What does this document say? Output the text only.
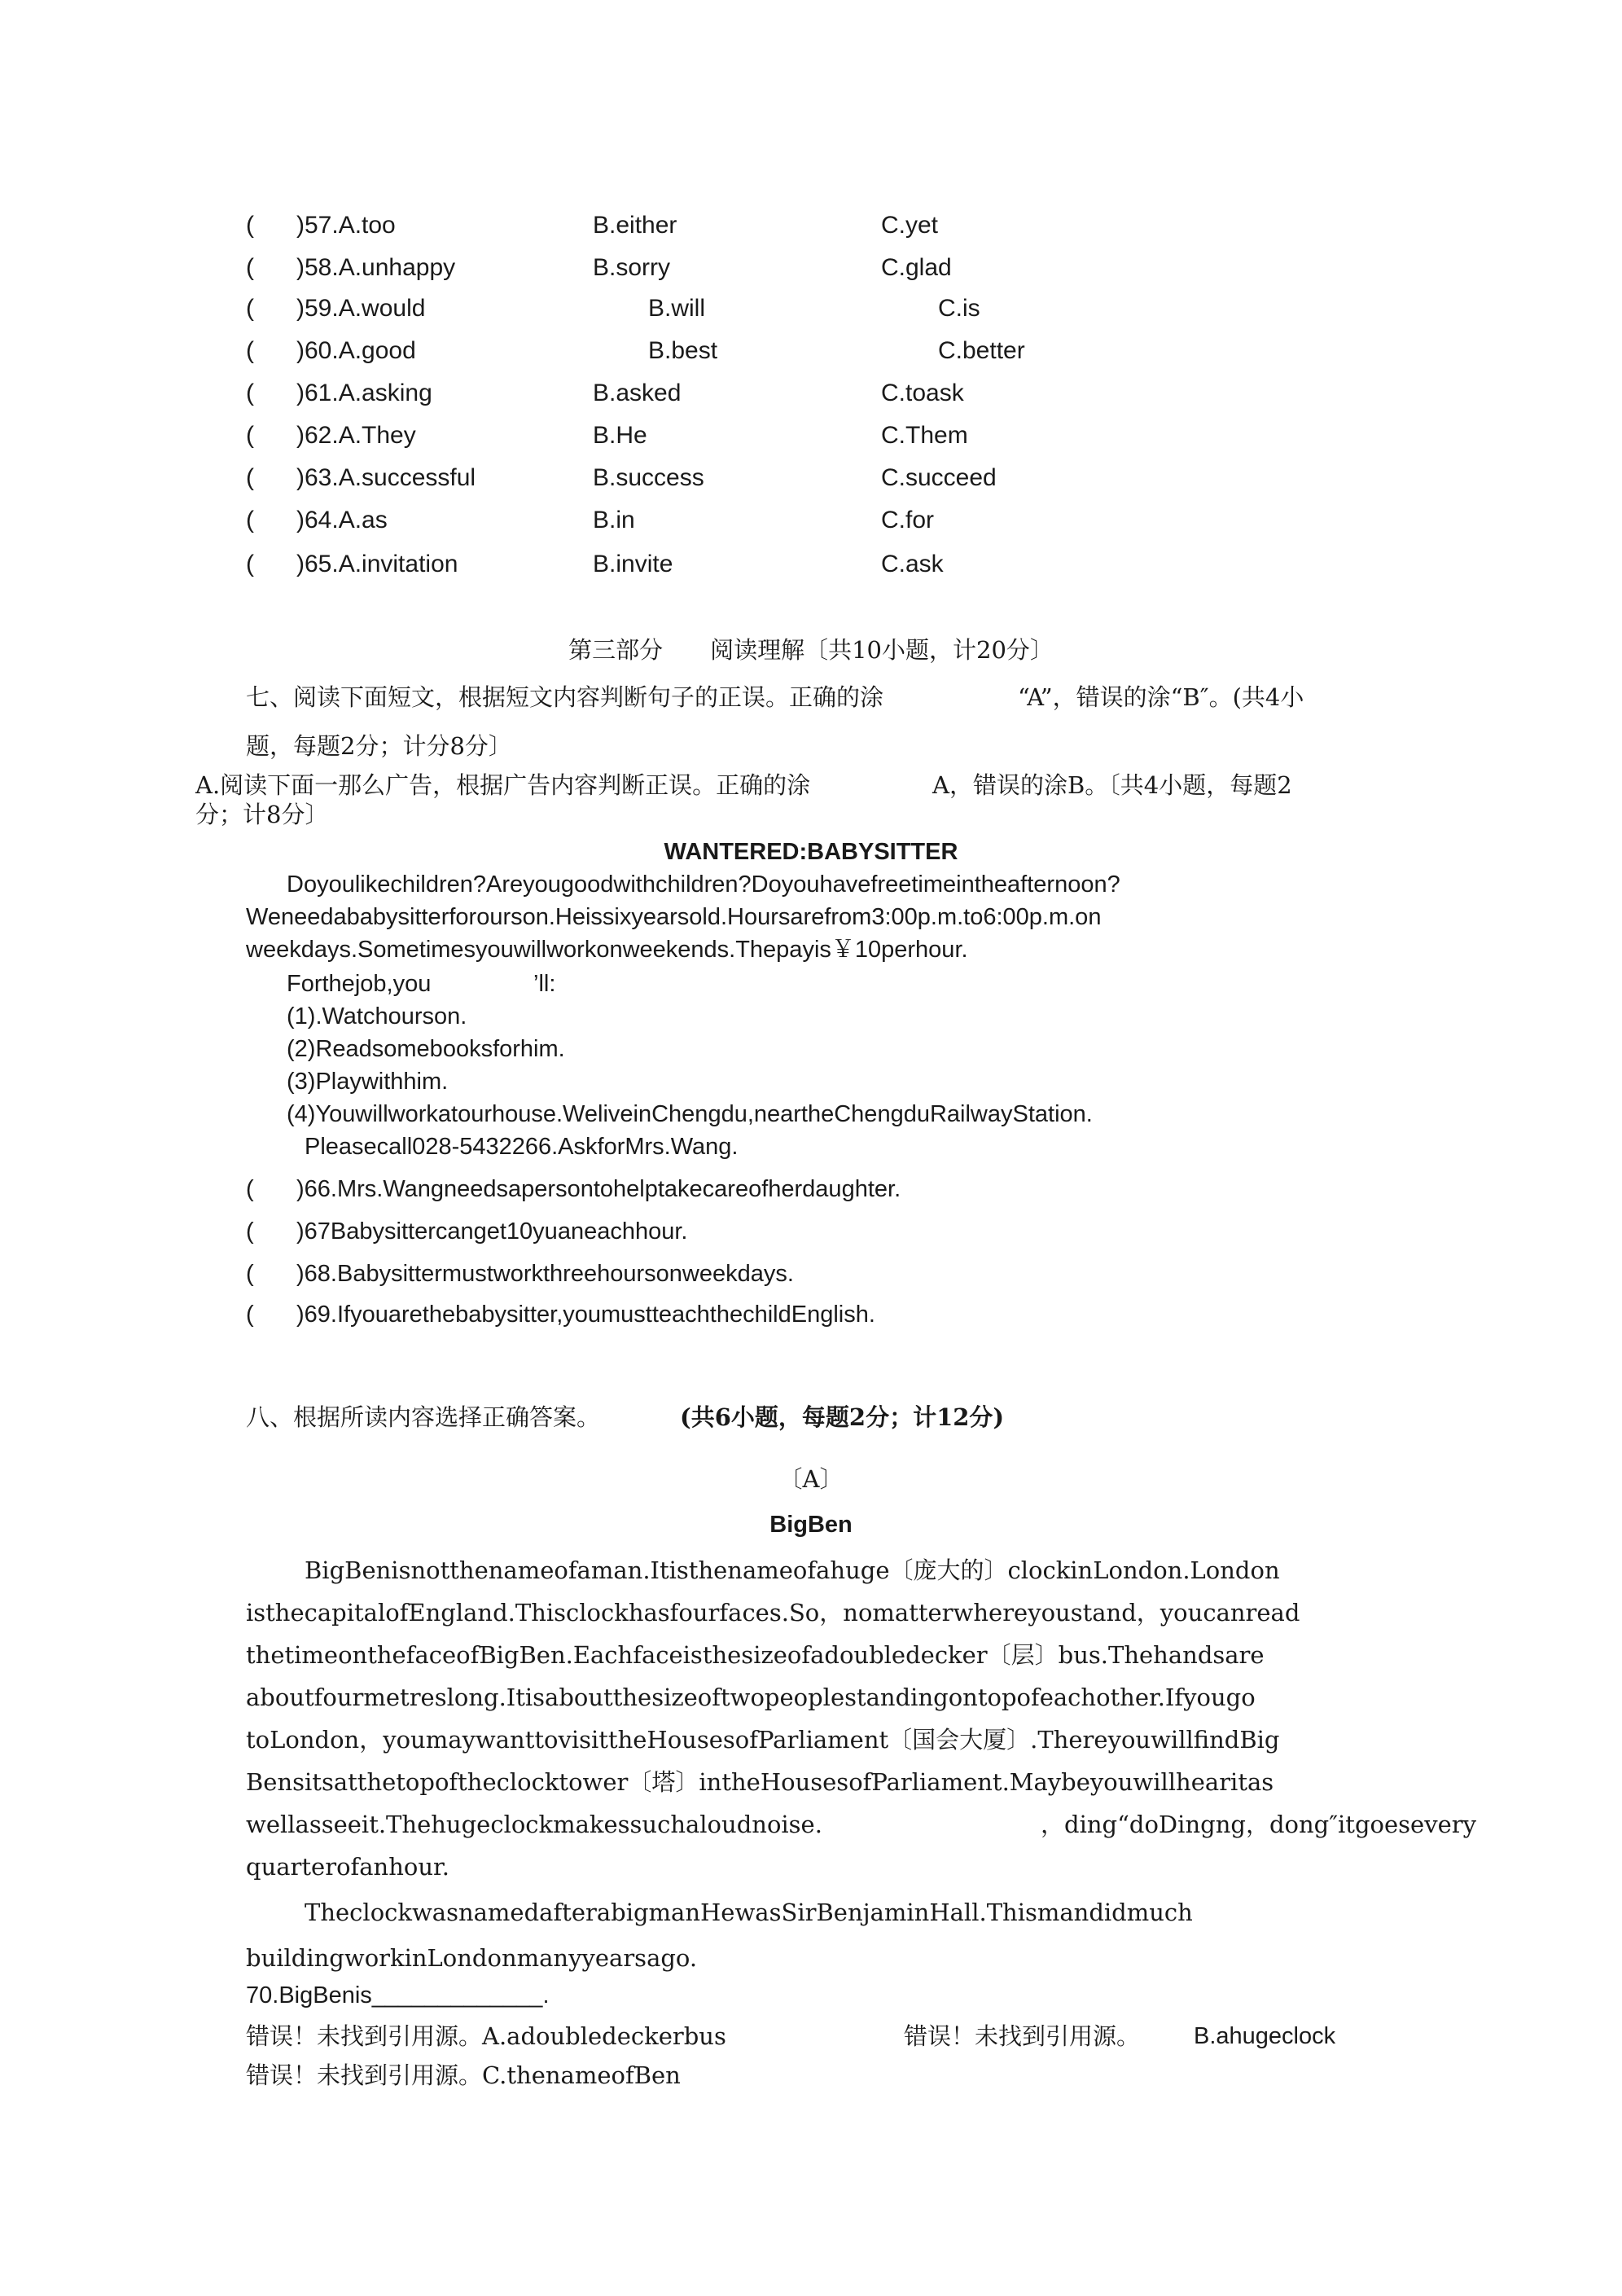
( )57.A.too	B.either	C.yet
( )58.A.unhappy	B.sorry	C.glad
( )59.A.would	B.will	C.is
( )60.A.good	B.best	C.better
( )61.A.asking	B.asked	C.toask
( )62.A.They	B.He	C.Them
( )63.A.successful	B.success	C.succeed
( )64.A.as	B.in	C.for
( )65.A.invitation	B.invite	C.ask
第三部分　　阅读理解〔共10小题，计20分〕
七、阅读下面短文，根据短文内容判断句子的正误。正确的涂	“A”，错误的涂“B″。(共4小
题，每题2分；计分8分〕
A.阅读下面一那么广告，根据广告内容判断正误。正确的涂	A，错误的涂B。〔共4小题，每题2
分；计8分〕
WANTERED:BABYSITTER
Doyoulikechildren?Areyougoodwithchildren?Doyouhavefreetimeintheafternoon?
Weneedababysitterforourson.Heissixyearsold.Hoursarefrom3:00p.m.to6:00p.m.on
weekdays.Sometimesyouwillworkonweekends.Thepayis￥10perhour.
Forthejob,you	’ll:
(1).Watchourson.
(2)Readsomebooksforhim.
(3)Playwithhim.
(4)Youwillworkatourhouse.WeliveinChengdu,neartheChengduRailwayStation.
Pleasecall028-5432266.AskforMrs.Wang.
( )66.Mrs.Wangneedsapersontohelptakecareofherdaughter.
( )67Babysittercanget10yuaneachhour.
( )68.Babysittermustworkthreehoursonweekdays.
( )69.Ifyouarethebabysitter,youmustteachthechildEnglish.
八、根据所读内容选择正确答案。	(共6小题，每题2分；计12分)
〔A〕
BigBen
BigBenisnotthenameofaman.Itisthenameofahuge〔庞大的〕clockinLondon.London
isthecapitalofEngland.Thisclockhasfourfaces.So，nomatterwhereyoustand，youcanread
thetimeonthefaceofBigBen.Eachfaceisthesizeofadoubledecker〔层〕bus.Thehandsare
aboutfourmetreslong.Itisaboutthesizeoftwopeoplestandingontopofeachother.Ifyougo
toLondon，youmaywanttovisittheHousesofParliament〔国会大厦〕.ThereyouwillfindBig
Bensitsatthetopoftheclocktower〔塔〕intheHousesofParliament.Maybeyouwillhearitas
wellasseeit.Thehugeclockmakessuchaloudnoise.	，ding“doDingng，dong″itgoesevery
quarterofanhour.
TheclockwasnamedafterabigmanHewasSirBenjaminHall.Thismandidmuch
buildingworkinLondonmanyyearsago.
70.BigBenis_____________.
错误！未找到引用源。A.adoubledeckerbus	错误！未找到引用源。 B.ahugeclock
错误！未找到引用源。C.thenameofBen
